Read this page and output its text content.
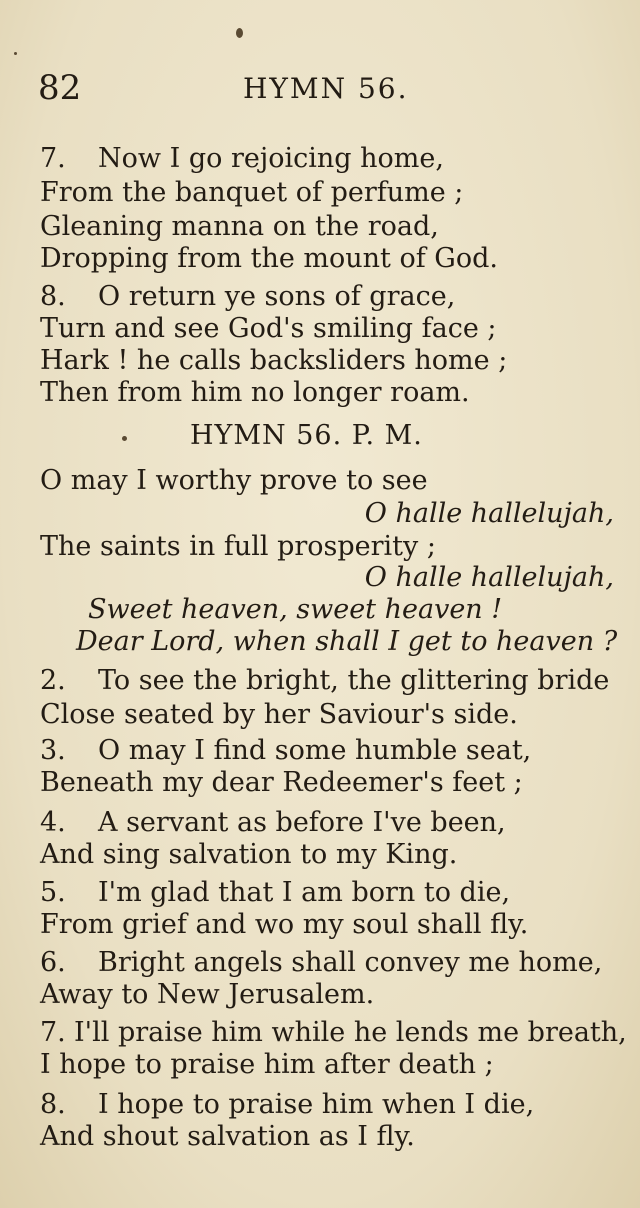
82	HYMN 56.
7. Now I go rejoicing home,
From the banquet of perfume ;
Gleaning manna on the road,
Dropping from the mount of God.
8. O return ye sons of grace,
Turn and see God's smiling face ;
Hark ! he calls backsliders home ;
Then from him no longer roam.
HYMN 56. P. M.
O may I worthy prove to see
O halle hallelujah,
The saints in full prosperity ;
O halle hallelujah,
Sweet heaven, sweet heaven !
Dear Lord, when shall I get to heaven ?
2. To see the bright, the glittering bride
Close seated by her Saviour's side.
3. O may I find some humble seat,
Beneath my dear Redeemer's feet ;
4. A servant as before I've been,
And sing salvation to my King.
5. I'm glad that I am born to die,
From grief and wo my soul shall fly.
6. Bright angels shall convey me home,
Away to New Jerusalem.
7. I'll praise him while he lends me breath,
I hope to praise him after death ;
8. I hope to praise him when I die,
And shout salvation as I fly.
